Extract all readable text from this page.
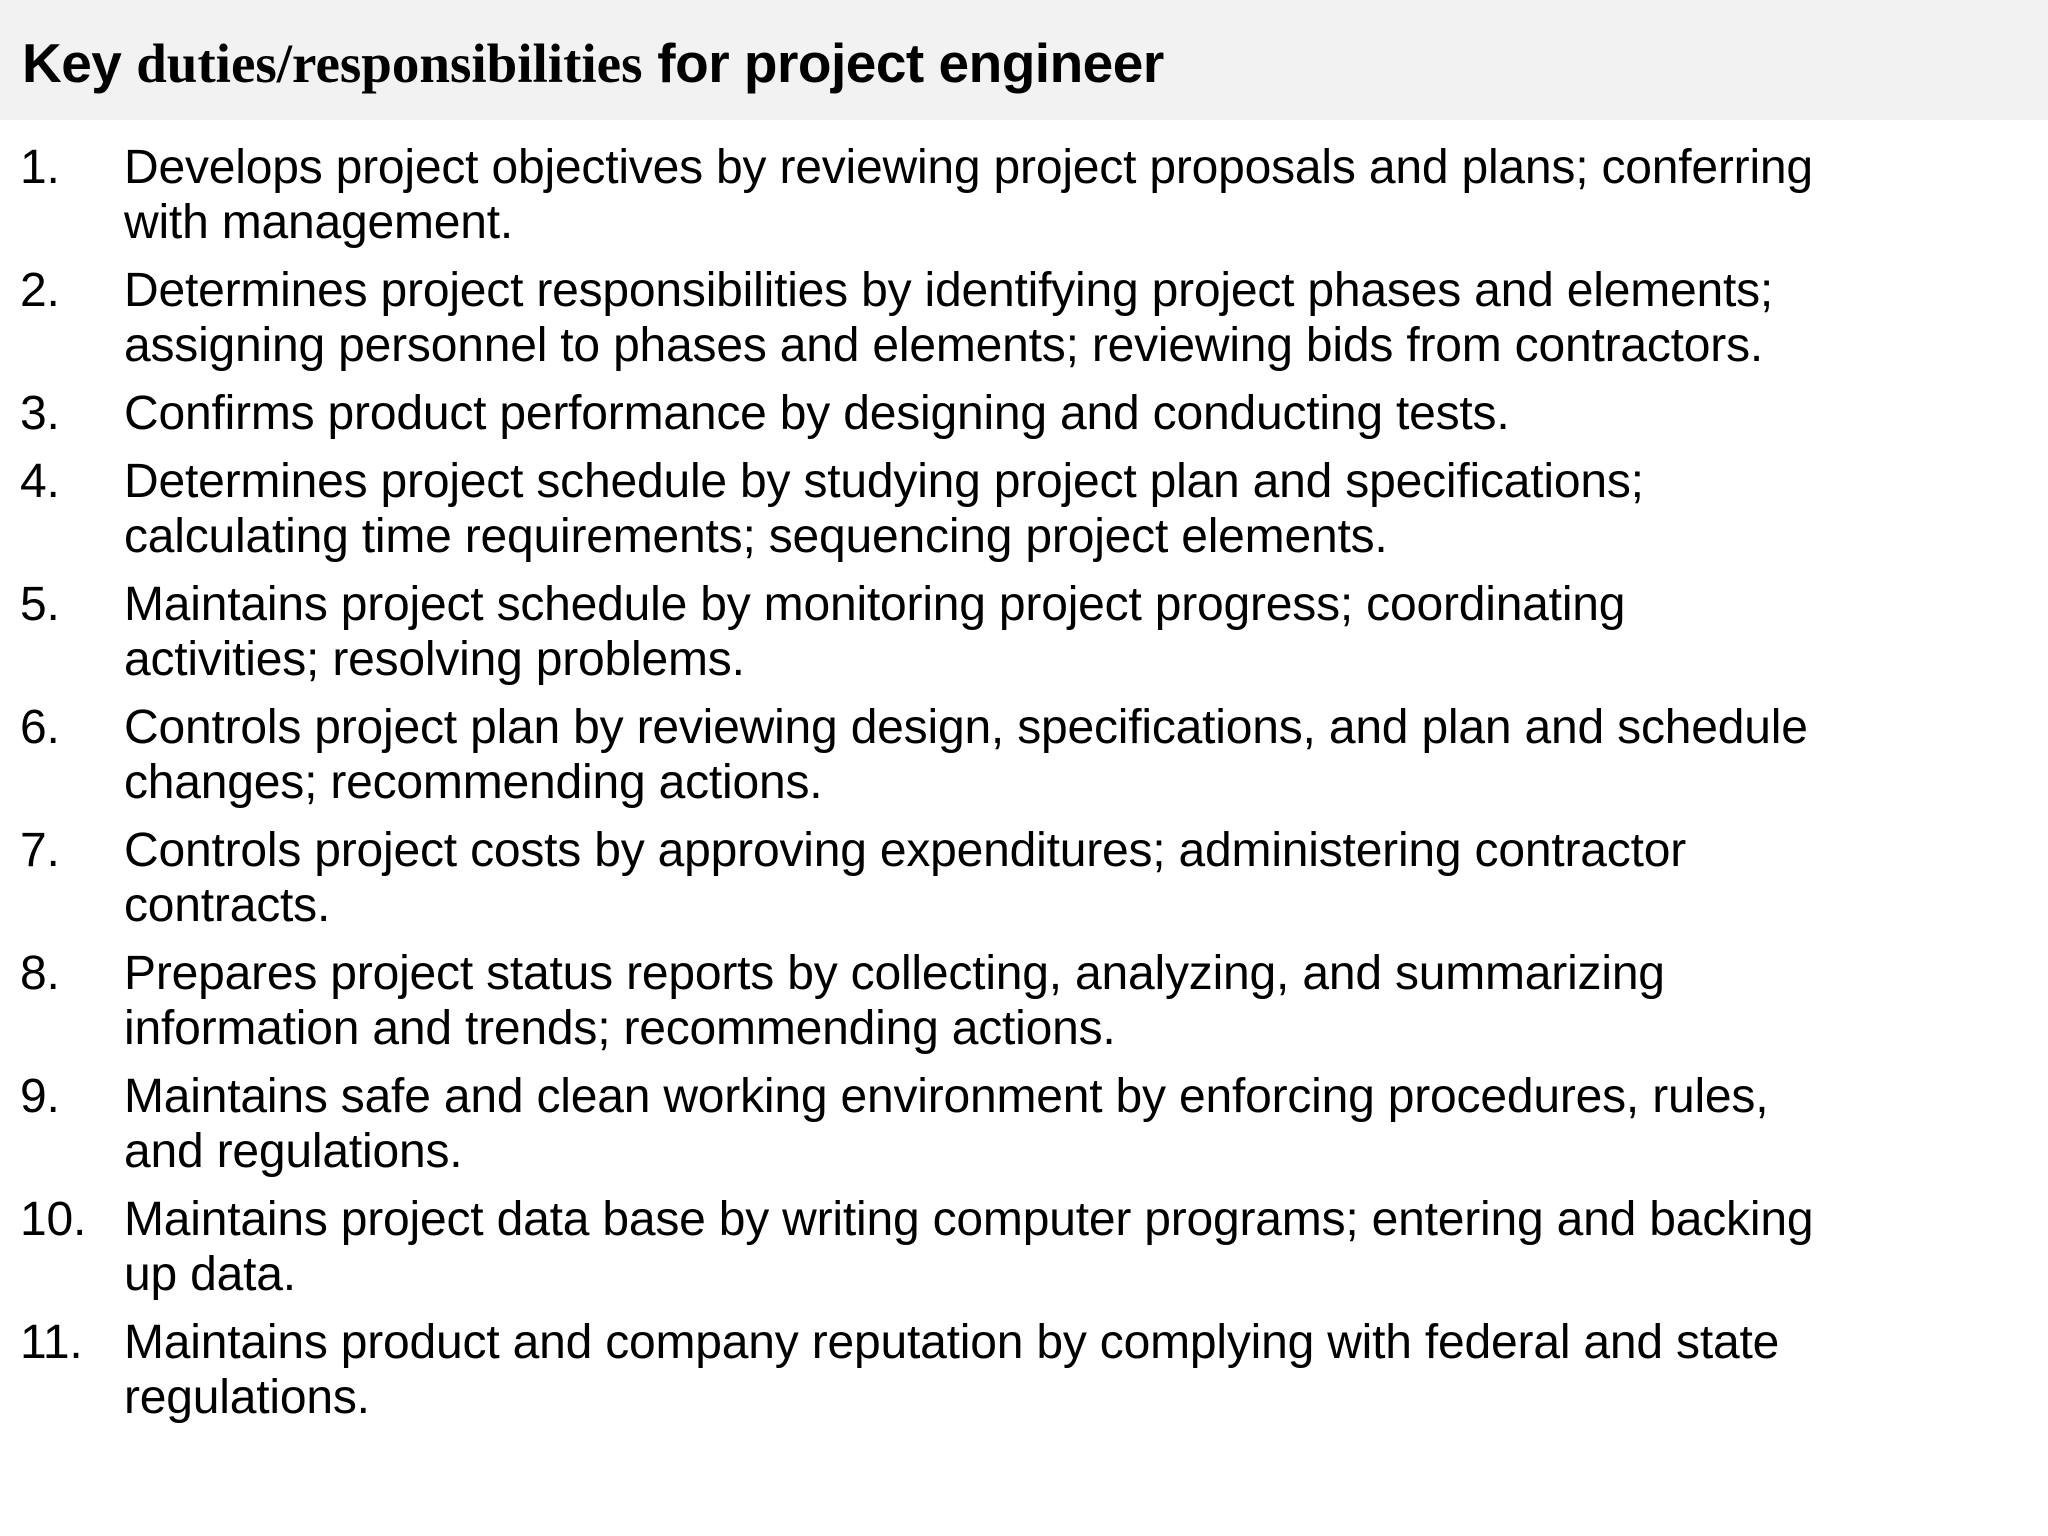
Key duties/responsibilities for project engineer
1. Develops project objectives by reviewing project proposals and plans; conferring
with management.
2. Determines project responsibilities by identifying project phases and elements;
assigning personnel to phases and elements; reviewing bids from contractors.
3. Confirms product performance by designing and conducting tests.
4. Determines project schedule by studying project plan and specifications;
calculating time requirements; sequencing project elements.
5. Maintains project schedule by monitoring project progress; coordinating
activities; resolving problems.
6. Controls project plan by reviewing design, specifications, and plan and schedule
changes; recommending actions.
7. Controls project costs by approving expenditures; administering contractor
contracts.
8. Prepares project status reports by collecting, analyzing, and summarizing
information and trends; recommending actions.
9. Maintains safe and clean working environment by enforcing procedures, rules,
and regulations.
10. Maintains project data base by writing computer programs; entering and backing
up data.
11. Maintains product and company reputation by complying with federal and state
regulations.
